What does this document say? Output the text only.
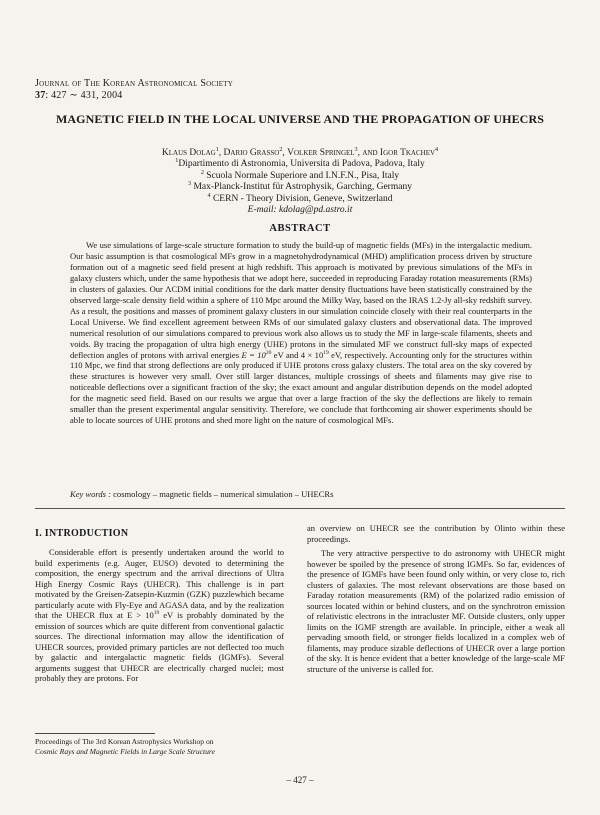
Journal of The Korean Astronomical Society
37: 427 ∼ 431, 2004
MAGNETIC FIELD IN THE LOCAL UNIVERSE AND THE PROPAGATION OF UHECRS
Klaus Dolag$^1$, Dario Grasso$^2$, Volker Springel$^3$, and Igor Tkachev$^4$
$^1$Dipartimento di Astronomia, Universita di Padova, Padova, Italy
$^2$ Scuola Normale Superiore and I.N.F.N., Pisa, Italy
$^3$ Max-Planck-Institut für Astrophysik, Garching, Germany
$^4$ CERN - Theory Division, Geneve, Switzerland
E-mail: kdolag@pd.astro.it
ABSTRACT
We use simulations of large-scale structure formation to study the build-up of magnetic fields (MFs) in the intergalactic medium. Our basic assumption is that cosmological MFs grow in a magnetohydrodynamical (MHD) amplification process driven by structure formation out of a magnetic seed field present at high redshift. This approach is motivated by previous simulations of the MFs in galaxy clusters which, under the same hypothesis that we adopt here, succeeded in reproducing Faraday rotation measurements (RMs) in clusters of galaxies. Our ΛCDM initial conditions for the dark matter density fluctuations have been statistically constrained by the observed large-scale density field within a sphere of 110 Mpc around the Milky Way, based on the IRAS 1.2-Jy all-sky redshift survey. As a result, the positions and masses of prominent galaxy clusters in our simulation coincide closely with their real counterparts in the Local Universe. We find excellent agreement between RMs of our simulated galaxy clusters and observational data. The improved numerical resolution of our simulations compared to previous work also allows us to study the MF in large-scale filaments, sheets and voids. By tracing the propagation of ultra high energy (UHE) protons in the simulated MF we construct full-sky maps of expected deflection angles of protons with arrival energies $E = 10^{20}$ eV and $4 \times 10^{19}$ eV, respectively. Accounting only for the structures within 110 Mpc, we find that strong deflections are only produced if UHE protons cross galaxy clusters. The total area on the sky covered by these structures is however very small. Over still larger distances, multiple crossings of sheets and filaments may give rise to noticeable deflections over a significant fraction of the sky; the exact amount and angular distribution depends on the model adopted for the magnetic seed field. Based on our results we argue that over a large fraction of the sky the deflections are likely to remain smaller than the present experimental angular sensitivity. Therefore, we conclude that forthcoming air shower experiments should be able to locate sources of UHE protons and shed more light on the nature of cosmological MFs.
Key words : cosmology – magnetic fields – numerical simulation – UHECRs
I. INTRODUCTION
Considerable effort is presently undertaken around the world to build experiments (e.g. Auger, EUSO) devoted to determining the composition, the energy spectrum and the arrival directions of Ultra High Energy Cosmic Rays (UHECR). This challenge is in part motivated by the Greisen-Zatsepin-Kuzmin (GZK) puzzlewhich became particularly acute with Fly-Eye and AGASA data, and by the realization that the UHECR flux at $E > 10^{19}$ eV is probably dominated by the emission of sources which are quite different from conventional galactic sources. The directional information may allow the identification of UHECR sources, provided primary particles are not deflected too much by galactic and intergalactic magnetic fields (IGMFs). Several arguments suggest that UHECR are electrically charged nuclei; most probably they are protons. For

an overview on UHECR see the contribution by Olinto within these proceedings.

The very attractive perspective to do astronomy with UHECR might however be spoiled by the presence of strong IGMFs. So far, evidences of the presence of IGMFs have been found only within, or very close to, rich clusters of galaxies. The most relevant observations are those based on Faraday rotation measurements (RM) of the polarized radio emission of sources located within or behind clusters, and on the synchrotron emission of relativistic electrons in the intracluster MF. Outside clusters, only upper limits on the IGMF strength are available. In principle, either a weak all pervading smooth field, or stronger fields localized in a complex web of filaments, may produce sizable deflections of UHECR over a large portion of the sky. It is hence evident that a better knowledge of the large-scale MF structure of the universe is called for.

Proceedings of The 3rd Korean Astrophysics Workshop on
Cosmic Rays and Magnetic Fields in Large Scale Structure
– 427 –
